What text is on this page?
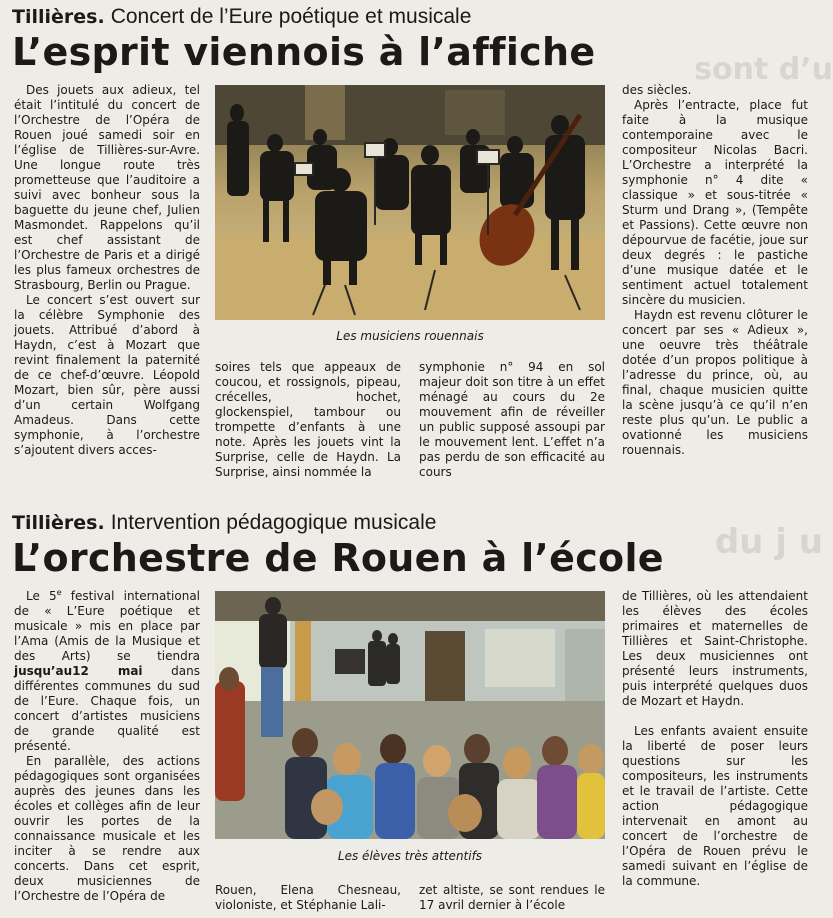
sont d’u
du j u
Tillières. Concert de l’Eure poétique et musicale
L’esprit viennois à l’affiche

Des jouets aux adieux, tel était l’intitulé du concert de l’Orchestre de l’Opéra de Rouen joué samedi soir en l’église de Tillières-sur-Avre. Une longue route très prometteuse que l’auditoire a suivi avec bonheur sous la baguette du jeune chef, Julien Masmondet. Rappelons qu’il est chef assistant de l’Orchestre de Paris et a dirigé les plus fameux orchestres de Strasbourg, Berlin ou Prague.

Le concert s’est ouvert sur la célèbre Symphonie des jouets. Attribué d’abord à Haydn, c’est à Mozart que revint finalement la paternité de ce chef-d’œuvre. Léopold Mozart, bien sûr, père aussi d’un certain Wolfgang Amadeus. Dans cette symphonie, à l’orchestre s’ajoutent divers acces-

Les musiciens rouennais

soires tels que appeaux de coucou, et rossignols, pipeau, crécelles, hochet, glockenspiel, tambour ou trompette d’enfants à une note. Après les jouets vint la Surprise, celle de Haydn. La Surprise, ainsi nommée la

symphonie n° 94 en sol majeur doit son titre à un effet ménagé au cours du 2e mouvement afin de réveiller un public supposé assoupi par le mouvement lent. L’effet n’a pas perdu de son efficacité au cours

des siècles.

Après l’entracte, place fut faite à la musique contemporaine avec le compositeur Nicolas Bacri. L’Orchestre a interprété la symphonie n° 4 dite « classique » et sous-titrée « Sturm und Drang », (Tempête et Passions). Cette œuvre non dépourvue de facétie, joue sur deux degrés : le pastiche d’une musique datée et le sentiment actuel totalement sincère du musicien.

Haydn est revenu clôturer le concert par ses « Adieux », une oeuvre très théâtrale dotée d’un propos politique à l’adresse du prince, où, au final, chaque musicien quitte la scène jusqu’à ce qu’il n’en reste plus qu’un. Le public a ovationné les musiciens rouennais.

Tillières. Intervention pédagogique musicale
L’orchestre de Rouen à l’école

Le 5e festival international de « L’Eure poétique et musicale » mis en place par l’Ama (Amis de la Musique et des Arts) se tiendra jusqu’au12 mai dans différentes communes du sud de l’Eure. Chaque fois, un concert d’artistes musiciens de grande qualité est présenté.

En parallèle, des actions pédagogiques sont organisées auprès des jeunes dans les écoles et collèges afin de leur ouvrir les portes de la connaissance musicale et les inciter à se rendre aux concerts. Dans cet esprit, deux musiciennes de l’Orchestre de l’Opéra de

Les élèves très attentifs

Rouen, Elena Chesneau, violoniste, et Stéphanie Lali-

zet altiste, se sont rendues le 17 avril dernier à l’école

de Tillières, où les attendaient les élèves des écoles primaires et maternelles de Tillières et Saint-Christophe. Les deux musiciennes ont présenté leurs instruments, puis interprété quelques duos de Mozart et Haydn.

Les enfants avaient ensuite la liberté de poser leurs questions sur les compositeurs, les instruments et le travail de l’artiste. Cette action pédagogique intervenait en amont au concert de l’orchestre de l’Opéra de Rouen prévu le samedi suivant en l’église de la commune.
